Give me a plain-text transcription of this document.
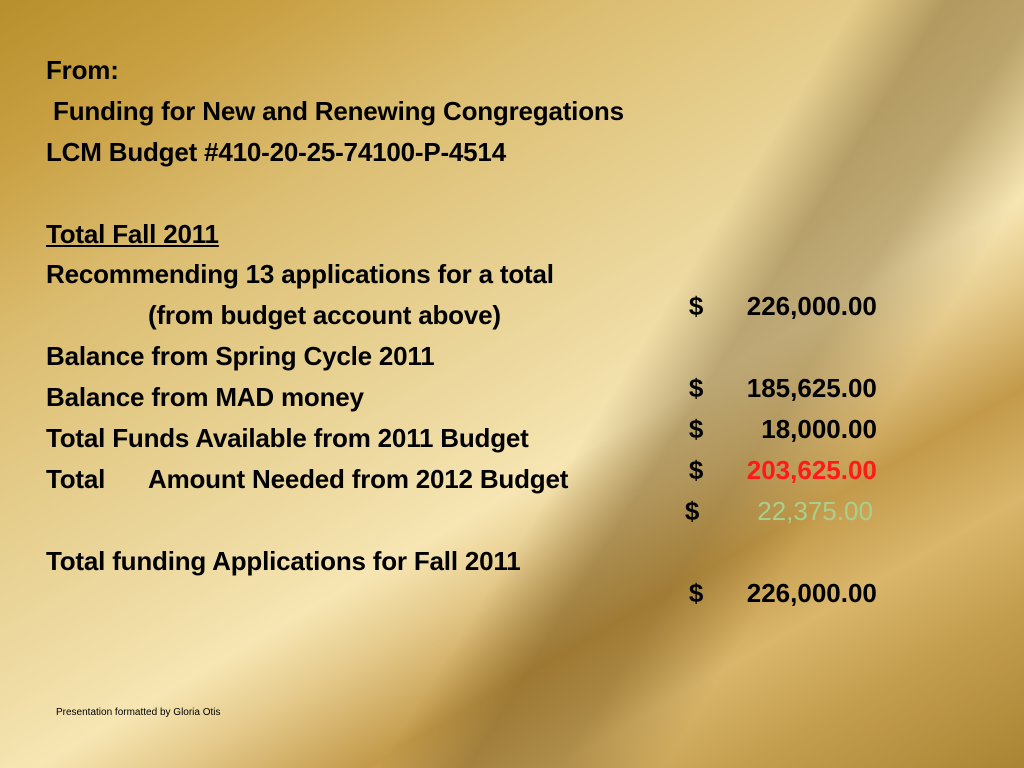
From:
Funding for New and Renewing Congregations
LCM Budget #410-20-25-74100-P-4514
Total Fall 2011
Recommending 13 applications for a total

$ 226,000.00

(from budget account above)
Balance from Spring Cycle 2011

$ 185,625.00

Balance from MAD money

$ 18,000.00

Total Funds Available from 2011 Budget

$ 203,625.00

Total Amount Needed from 2012 Budget

$ 22,375.00

Total funding Applications for Fall 2011

$ 226,000.00

Presentation formatted by Gloria Otis
